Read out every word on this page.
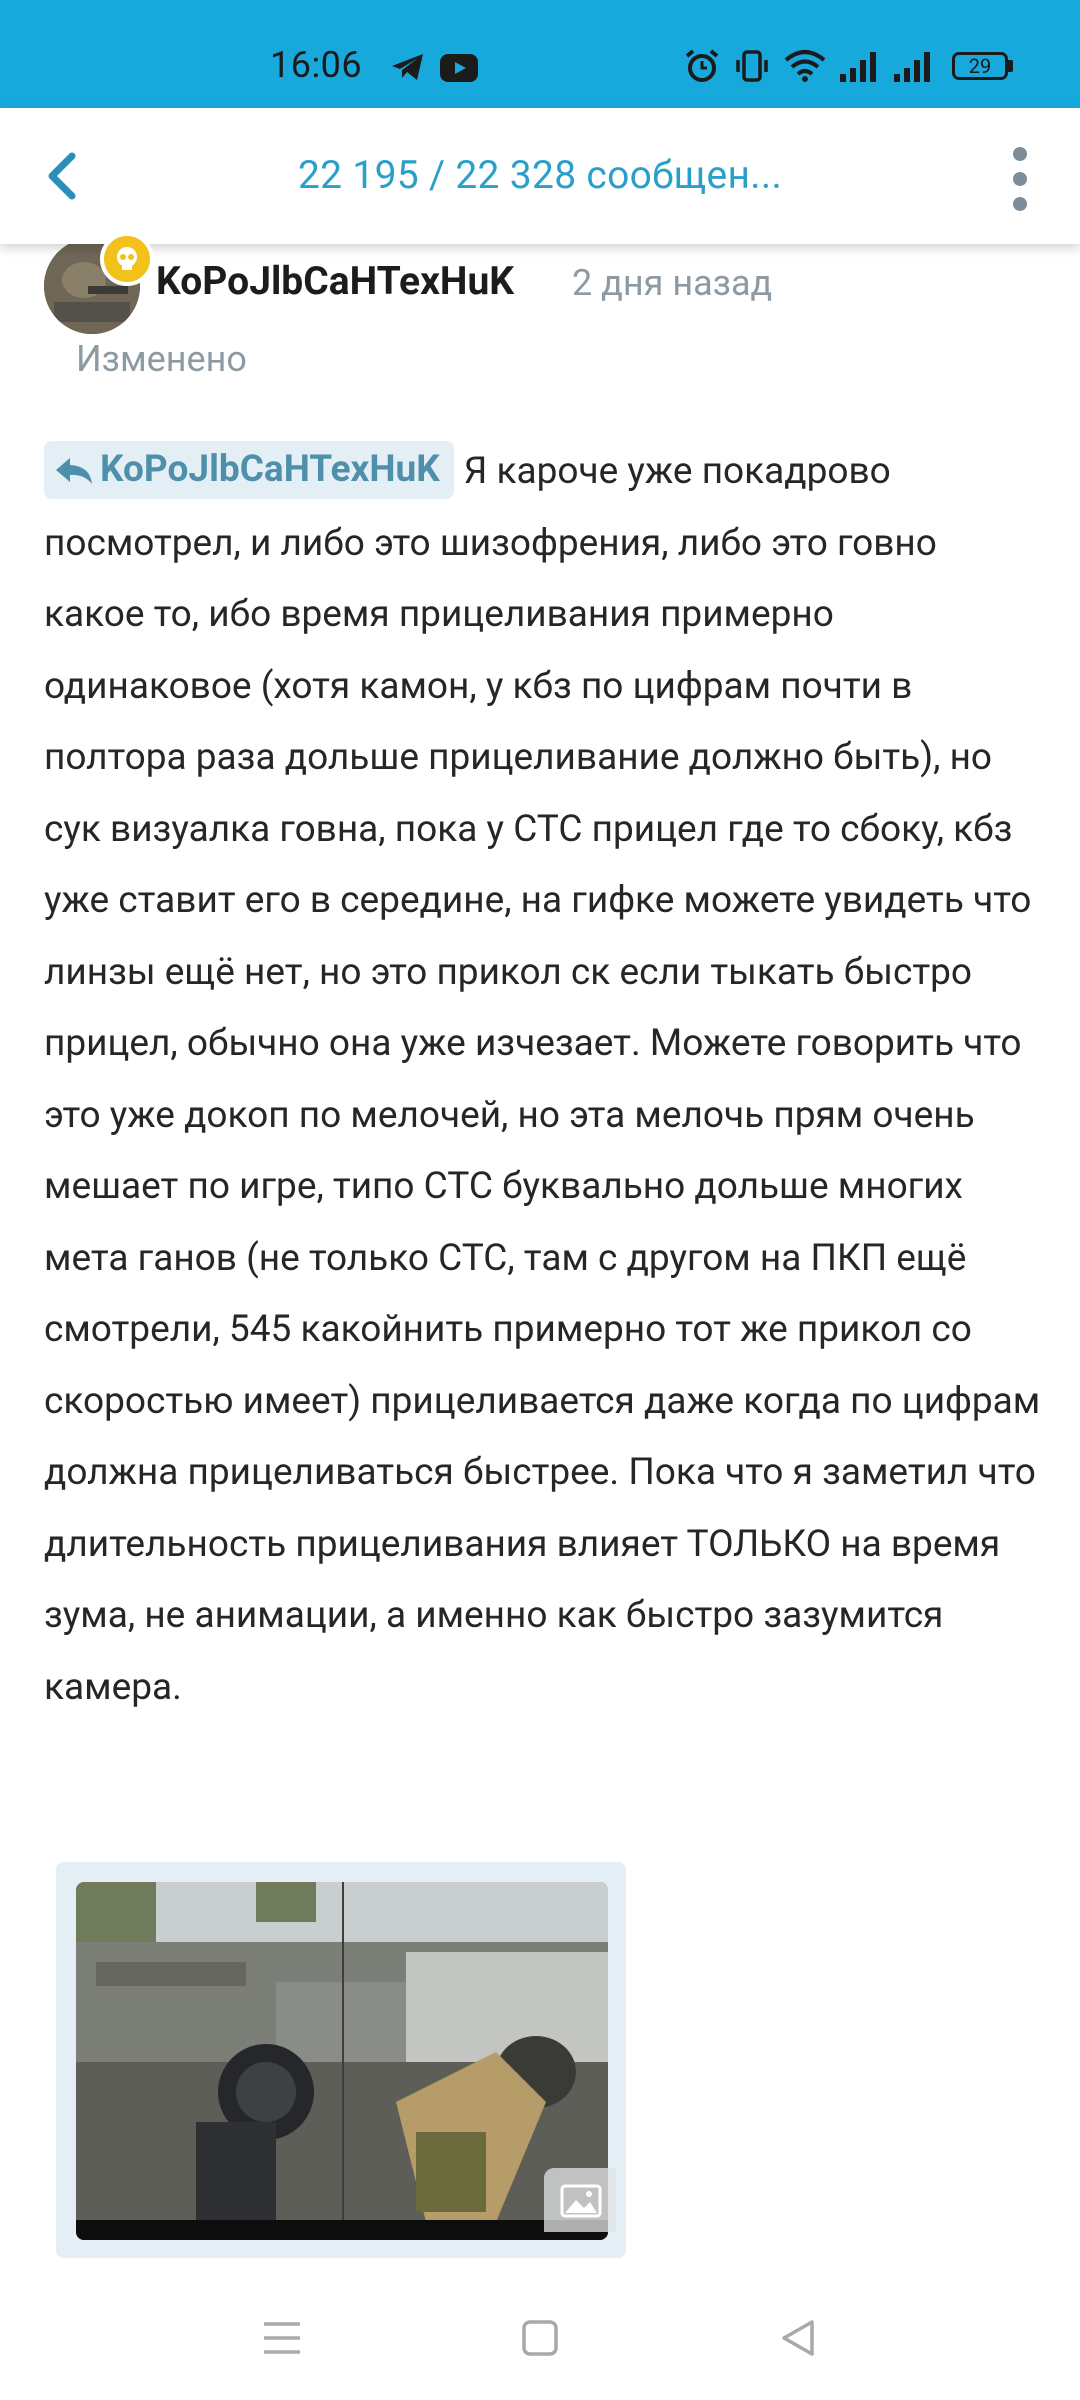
16:06	29
22 195 / 22 328 сообщен...
KoPoJlbCaHTexHuK 2 дня назад
Изменено
KoPoJlbCaHTexHuK Я кароче уже покадрово посмотрел, и либо это шизофрения, либо это говно какое то, ибо время прицеливания примерно одинаковое (хотя камон, у кбз по цифрам почти в полтора раза дольше прицеливание должно быть), но сук визуалка говна, пока у СТС прицел где то сбоку, кбз уже ставит его в середине, на гифке можете увидеть что линзы ещё нет, но это прикол ск если тыкать быстро прицел, обычно она уже изчезает. Можете говорить что это уже докоп по мелочей, но эта мелочь прям очень мешает по игре, типо СТС буквально дольше многих мета ганов (не только СТС, там с другом на ПКП ещё смотрели, 545 какойнить примерно тот же прикол со скоростью имеет) прицеливается даже когда по цифрам должна прицеливаться быстрее. Пока что я заметил что длительность прицеливания влияет ТОЛЬКО на время зума, не анимации, а именно как быстро зазумится камера.
